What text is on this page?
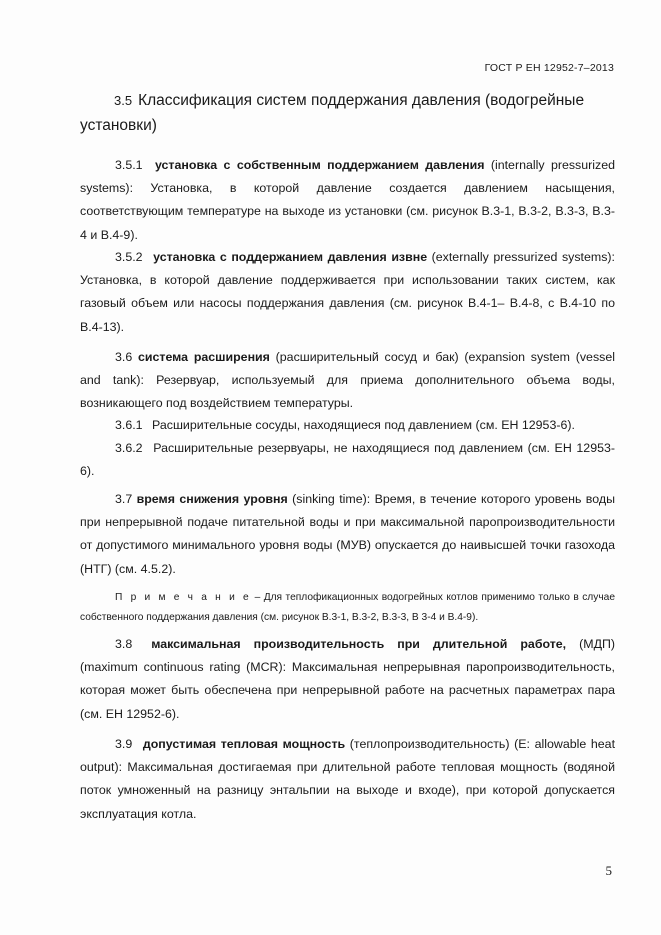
ГОСТ Р ЕН 12952-7–2013
3.5 Классификация систем поддержания давления (водогрейные
установки)
3.5.1 установка с собственным поддержанием давления (internally pressurized systems): Установка, в которой давление создается давлением насыщения, соответствующим температуре на выходе из установки (см. рисунок В.3-1, В.3-2, В.3-3, В.3-4 и В.4-9).
3.5.2 установка с поддержанием давления извне (externally pressurized systems): Установка, в которой давление поддерживается при использовании таких систем, как газовый объем или насосы поддержания давления (см. рисунок В.4-1– В.4-8, с В.4-10 по В.4-13).
3.6 система расширения (расширительный сосуд и бак) (expansion system (vessel and tank): Резервуар, используемый для приема дополнительного объема воды, возникающего под воздействием температуры.
3.6.1 Расширительные сосуды, находящиеся под давлением (см. ЕН 12953-6).
3.6.2 Расширительные резервуары, не находящиеся под давлением (см. ЕН 12953-6).
3.7 время снижения уровня (sinking time): Время, в течение которого уровень воды при непрерывной подаче питательной воды и при максимальной паропроизводительности от допустимого минимального уровня воды (МУВ) опускается до наивысшей точки газохода (НТГ) (см. 4.5.2).
П р и м е ч а н и е – Для теплофикационных водогрейных котлов применимо только в случае собственного поддержания давления (см. рисунок В.3-1, В.3-2, В.3-3, В 3-4 и В.4-9).
3.8 максимальная производительность при длительной работе, (МДП) (maximum continuous rating (MCR): Максимальная непрерывная паропроизводительность, которая может быть обеспечена при непрерывной работе на расчетных параметрах пара (см. ЕН 12952-6).
3.9 допустимая тепловая мощность (теплопроизводительность) (E: allowable heat output): Максимальная достигаемая при длительной работе тепловая мощность (водяной поток умноженный на разницу энтальпии на выходе и входе), при которой допускается эксплуатация котла.
5
